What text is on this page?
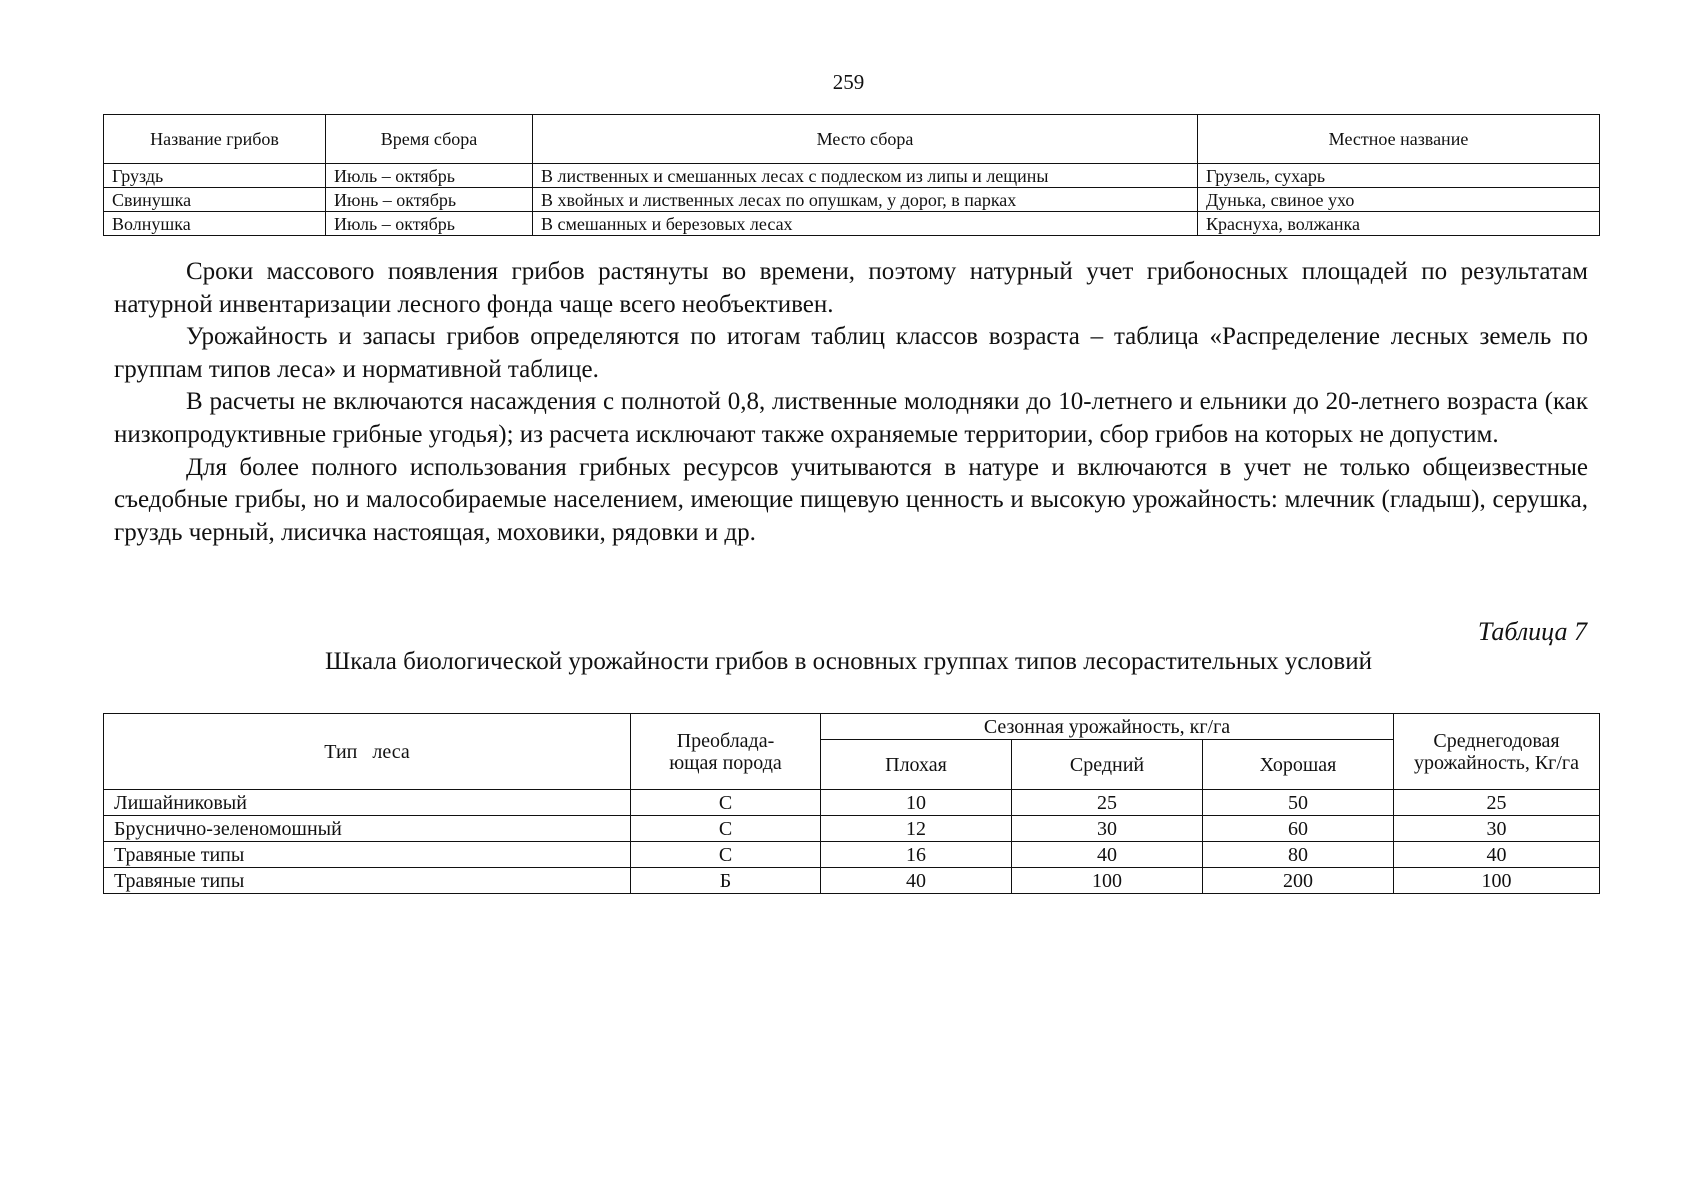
259
Название грибов	Время сбора	Место сбора	Местное название
Груздь	Июль – октябрь	В лиственных и смешанных лесах с подлеском из липы и лещины	Грузель, сухарь
Свинушка	Июнь – октябрь	В хвойных и лиственных лесах по опушкам, у дорог, в парках	Дунька, свиное ухо
Волнушка	Июль – октябрь	В смешанных и березовых лесах	Краснуха, волжанка

Сроки массового появления грибов растянуты во времени, поэтому натурный учет грибоносных площадей по результатам натурной инвентаризации лесного фонда чаще всего необъективен.

Урожайность и запасы грибов определяются по итогам таблиц классов возраста – таблица «Распределение лесных земель по группам типов леса» и нормативной таблице.

В расчеты не включаются насаждения с полнотой 0,8, лиственные молодняки до 10-летнего и ельники до 20-летнего возраста (как низкопродуктивные грибные угодья); из расчета исключают также охраняемые территории, сбор грибов на которых не допустим.

Для более полного использования грибных ресурсов учитываются в натуре и включаются в учет не только общеизвестные съедобные грибы, но и малособираемые населением, имеющие пищевую ценность и высокую урожайность: млечник (гладыш), серушка, груздь черный, лисичка настоящая, моховики, рядовки и др.

Таблица 7
Шкала биологической урожайности грибов в основных группах типов лесорастительных условий
Тип леса	Преоблада-ющая порода	Сезонная урожайность, кг/га			Среднегодовая урожайность, Кг/га
		Плохая	Средний	Хорошая	
Лишайниковый	С	10	25	50	25
Бруснично-зеленомошный	С	12	30	60	30
Травяные типы	С	16	40	80	40
Травяные типы	Б	40	100	200	100
